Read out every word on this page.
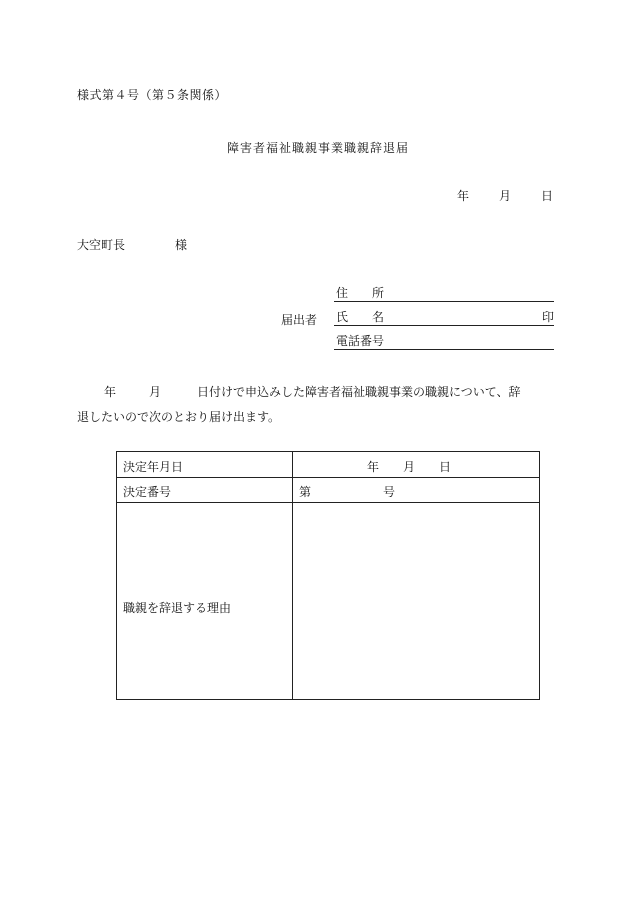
様式第４号（第５条関係）
障害者福祉職親事業職親辞退届
年	月	日
大空町長	様
住　　所
届出者 氏　　名	印
電話番号
年	月	日付けで申込みした障害者福祉職親事業の職親について、辞
退したいので次のとおり届け出ます。
決定年月日	年 月 日
決定番号	第	号
職親を辞退する理由
